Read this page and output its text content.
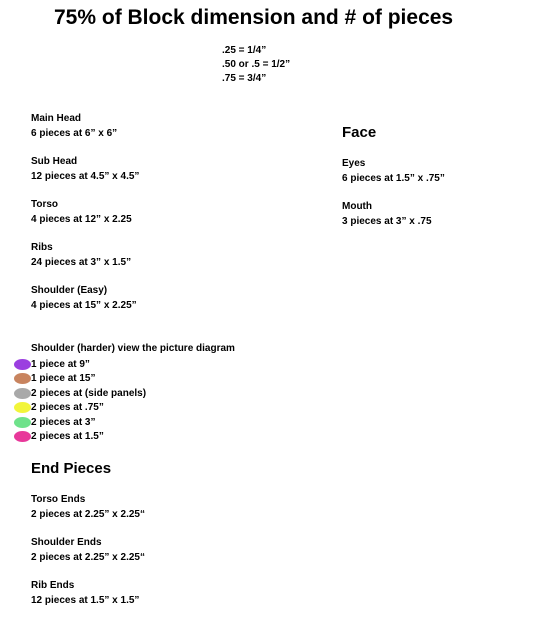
75% of Block dimension and # of pieces
.25 = 1/4”
.50 or .5 = 1/2”
.75 = 3/4”
Main Head
6 pieces at 6” x 6”
Sub Head
12 pieces at 4.5” x 4.5”
Torso
4 pieces at 12” x 2.25
Ribs
24 pieces at 3” x 1.5”
Shoulder (Easy)
4 pieces at 15” x 2.25”
Shoulder (harder) view the picture diagram
1 piece at 9”
1 piece at 15”
2 pieces at (side panels)
2 pieces at .75”
2 pieces at 3”
2 pieces at 1.5”
Face
Eyes
6 pieces at 1.5” x .75”
Mouth
3 pieces at 3” x .75
End Pieces
Torso Ends
2 pieces at 2.25” x 2.25“
Shoulder Ends
2 pieces at 2.25” x 2.25“
Rib Ends
12 pieces at 1.5” x 1.5”
